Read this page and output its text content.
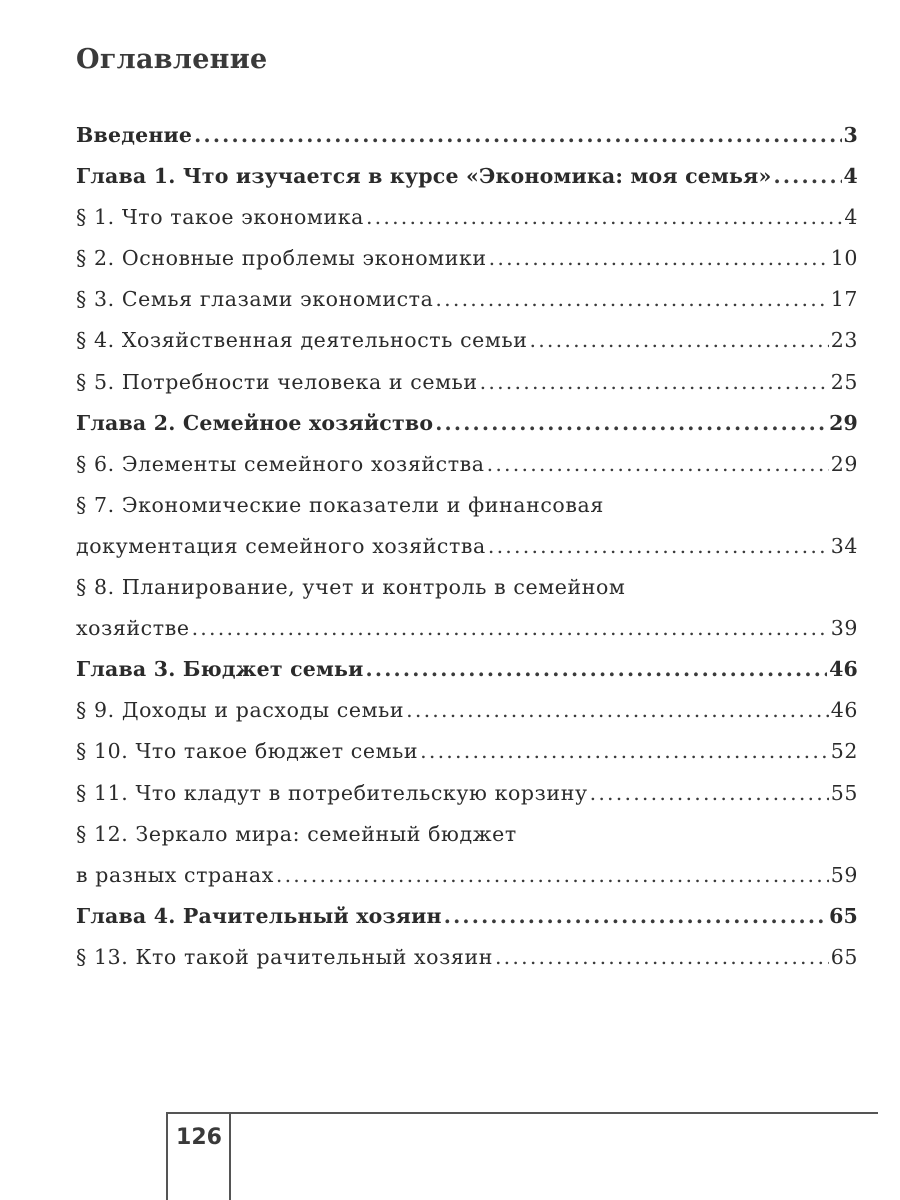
Оглавление
Введение .....	3
Глава 1. Что изучается в курсе «Экономика: моя семья» .....	4
§ 1. Что такое экономика .....	4
§ 2. Основные проблемы экономики .....	10
§ 3. Семья глазами экономиста .....	17
§ 4. Хозяйственная деятельность семьи .....	23
§ 5. Потребности человека и семьи .....	25
Глава 2. Семейное хозяйство .....	29
§ 6. Элементы семейного хозяйства .....	29
§ 7. Экономические показатели и финансовая
документация семейного хозяйства .....	34
§ 8. Планирование, учет и контроль в семейном
хозяйстве .....	39
Глава 3. Бюджет семьи .....	46
§ 9. Доходы и расходы семьи .....	46
§ 10. Что такое бюджет семьи .....	52
§ 11. Что кладут в потребительскую корзину .....	55
§ 12. Зеркало мира: семейный бюджет
в разных странах .....	59
Глава 4. Рачительный хозяин .....	65
§ 13. Кто такой рачительный хозяин .....	65
126
